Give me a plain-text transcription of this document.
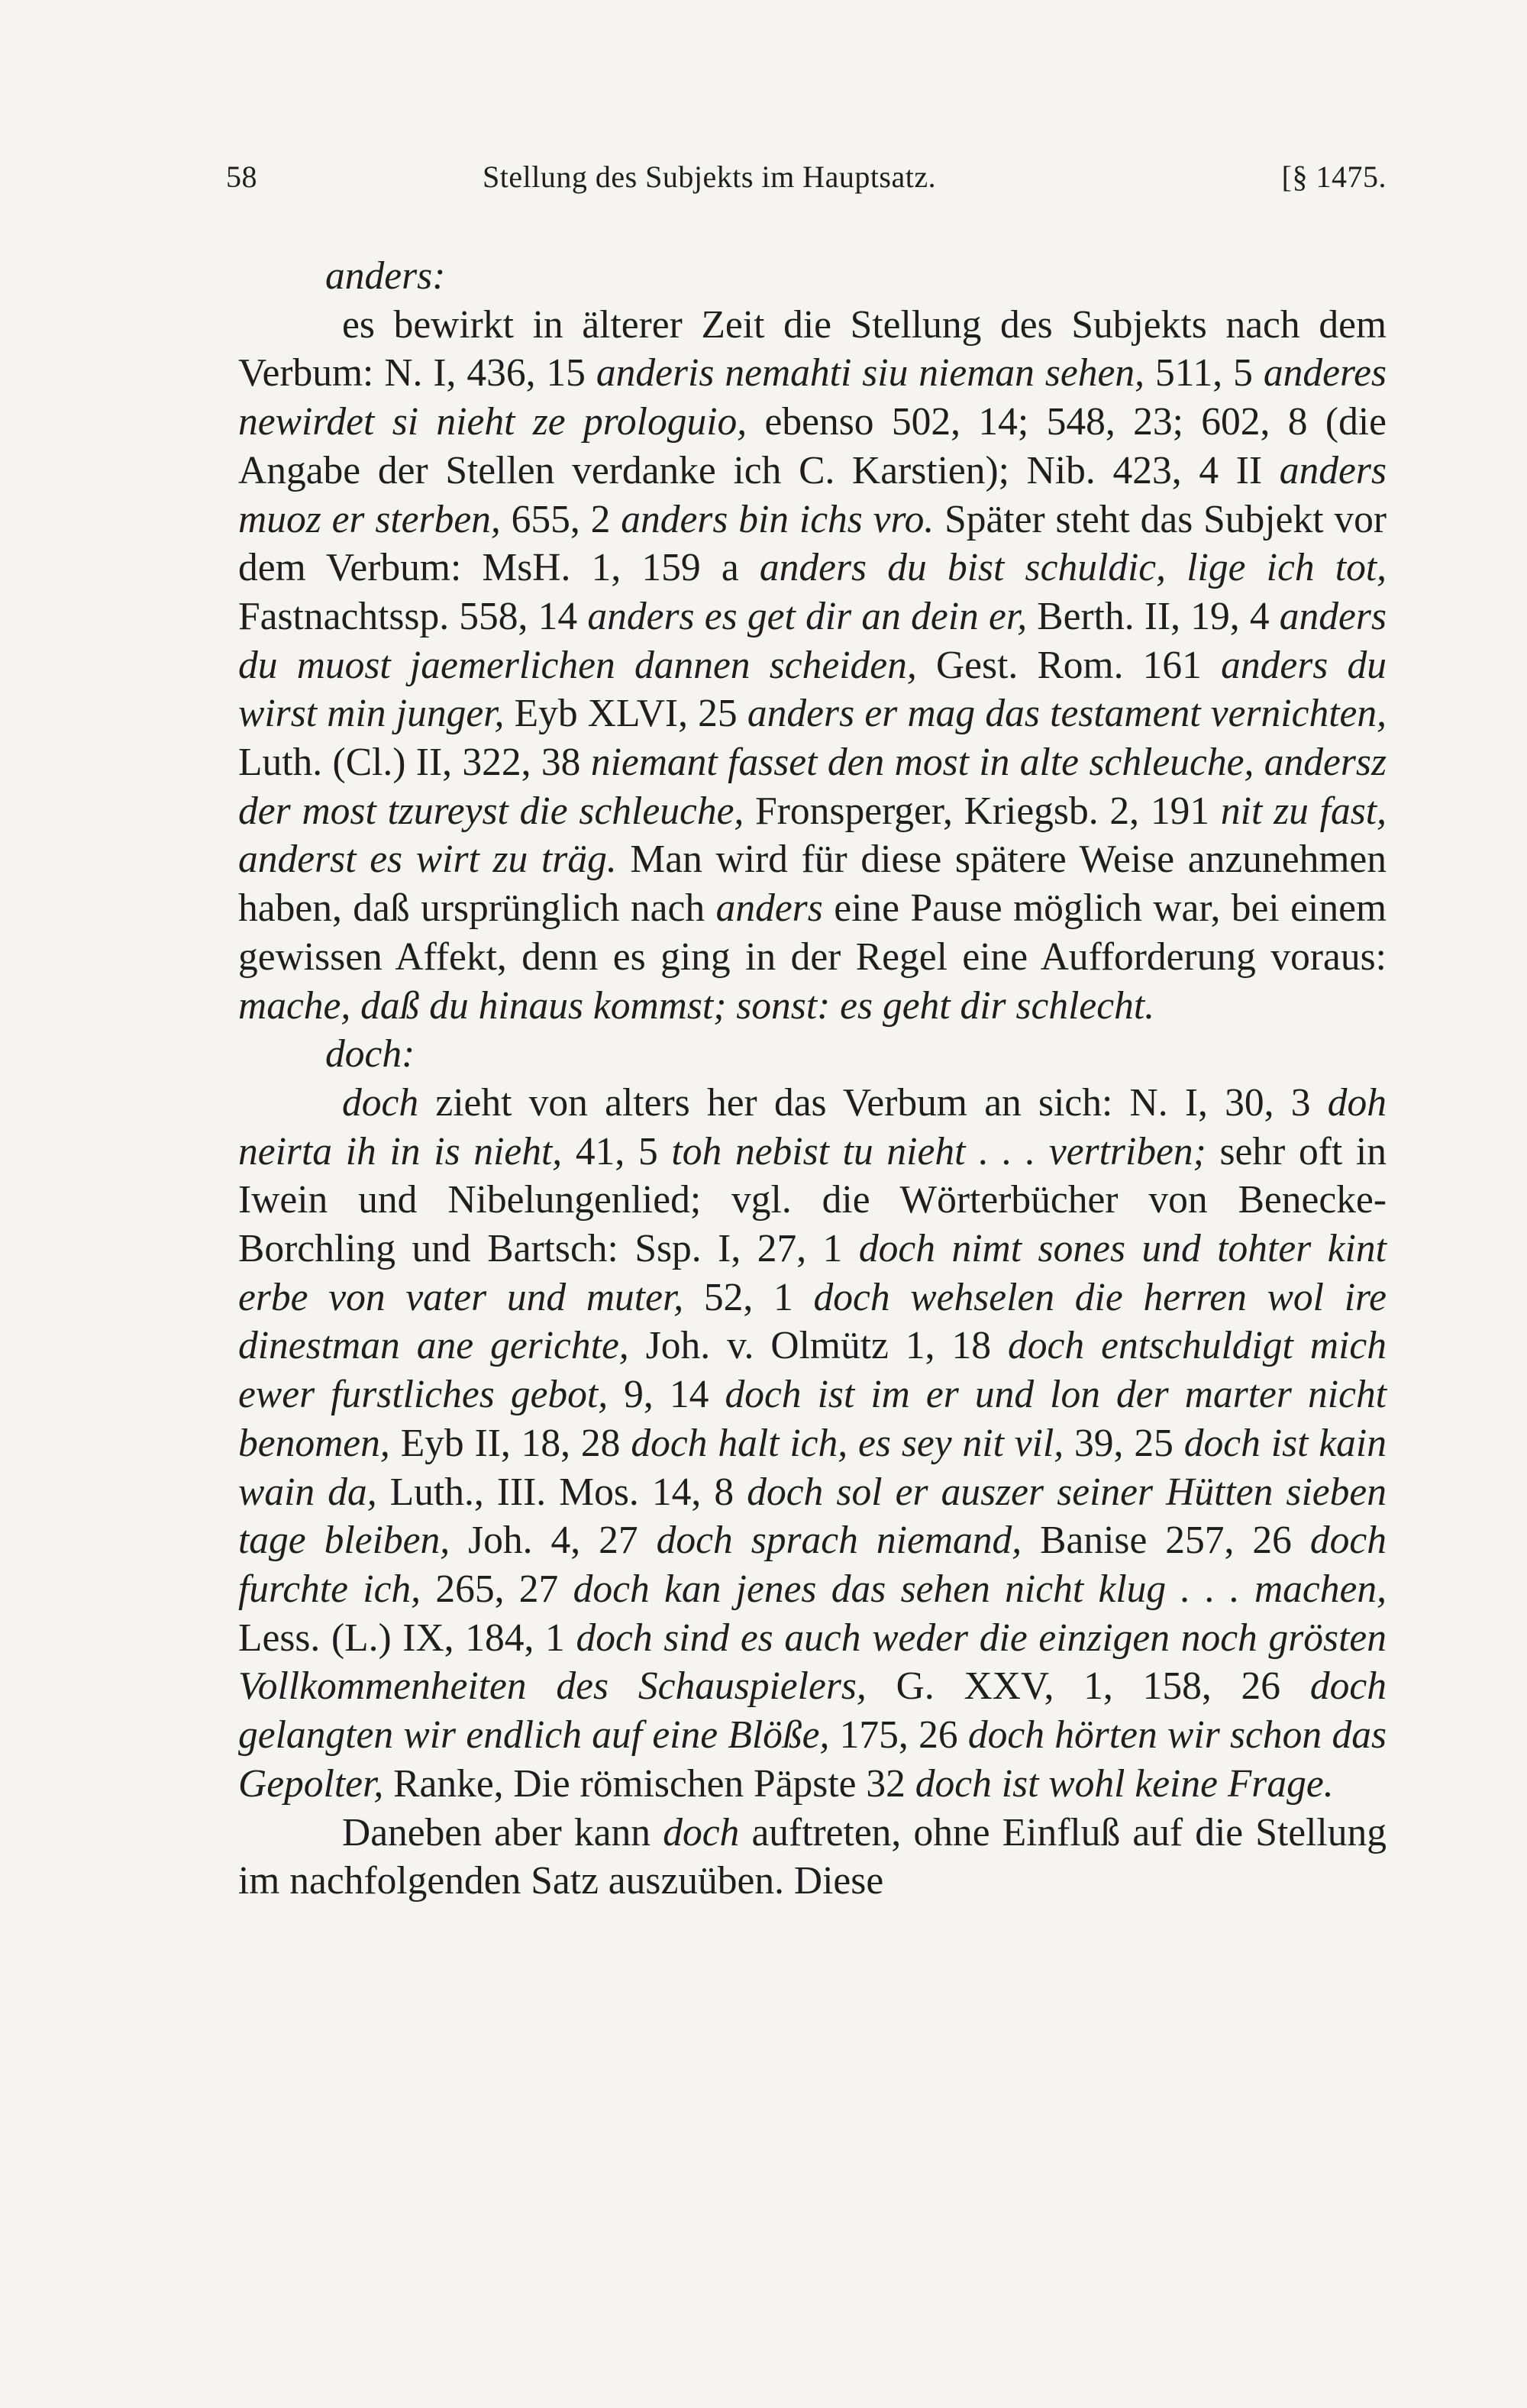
58	Stellung des Subjekts im Hauptsatz.	[§ 1475.

anders:

es bewirkt in älterer Zeit die Stellung des Subjekts nach dem Verbum: N. I, 436, 15 anderis nemahti siu nieman sehen, 511, 5 anderes newirdet si nieht ze prologuio, ebenso 502, 14; 548, 23; 602, 8 (die Angabe der Stellen verdanke ich C. Karstien); Nib. 423, 4 II anders muoz er sterben, 655, 2 anders bin ichs vro. Später steht das Subjekt vor dem Verbum: MsH. 1, 159 a anders du bist schuldic, lige ich tot, Fastnachtssp. 558, 14 anders es get dir an dein er, Berth. II, 19, 4 anders du muost jaemerlichen dannen scheiden, Gest. Rom. 161 anders du wirst min junger, Eyb XLVI, 25 anders er mag das testament vernichten, Luth. (Cl.) II, 322, 38 niemant fasset den most in alte schleuche, andersz der most tzureyst die schleuche, Fronsperger, Kriegsb. 2, 191 nit zu fast, anderst es wirt zu träg. Man wird für diese spätere Weise anzunehmen haben, daß ursprünglich nach anders eine Pause möglich war, bei einem gewissen Affekt, denn es ging in der Regel eine Aufforderung voraus: mache, daß du hinaus kommst; sonst: es geht dir schlecht.

doch:

doch zieht von alters her das Verbum an sich: N. I, 30, 3 doh neirta ih in is nieht, 41, 5 toh nebist tu nieht . . . vertriben; sehr oft in Iwein und Nibelungenlied; vgl. die Wörterbücher von Benecke-Borchling und Bartsch: Ssp. I, 27, 1 doch nimt sones und tohter kint erbe von vater und muter, 52, 1 doch wehselen die herren wol ire dinestman ane gerichte, Joh. v. Olmütz 1, 18 doch entschuldigt mich ewer furstliches gebot, 9, 14 doch ist im er und lon der marter nicht benomen, Eyb II, 18, 28 doch halt ich, es sey nit vil, 39, 25 doch ist kain wain da, Luth., III. Mos. 14, 8 doch sol er auszer seiner Hütten sieben tage bleiben, Joh. 4, 27 doch sprach niemand, Banise 257, 26 doch furchte ich, 265, 27 doch kan jenes das sehen nicht klug . . . machen, Less. (L.) IX, 184, 1 doch sind es auch weder die einzigen noch grösten Vollkommenheiten des Schauspielers, G. XXV, 1, 158, 26 doch gelangten wir endlich auf eine Blöße, 175, 26 doch hörten wir schon das Gepolter, Ranke, Die römischen Päpste 32 doch ist wohl keine Frage.

Daneben aber kann doch auftreten, ohne Einfluß auf die Stellung im nachfolgenden Satz auszuüben. Diese
